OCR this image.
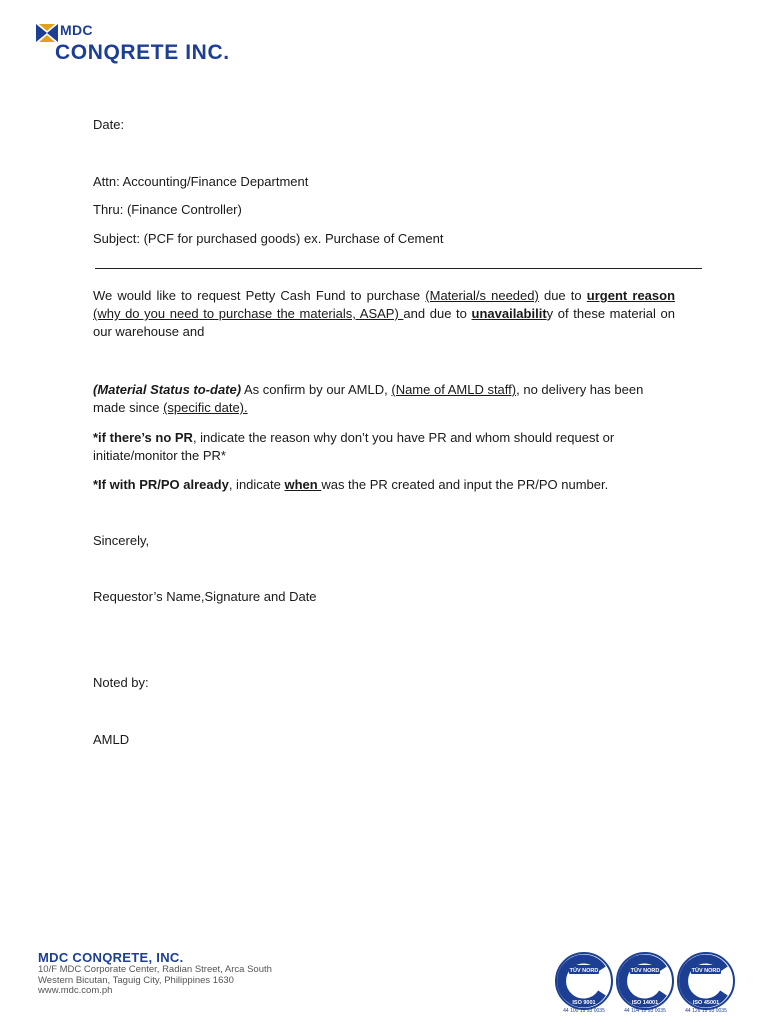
MDC
CONQRETE INC.
Date:
Attn: Accounting/Finance Department
Thru: (Finance Controller)
Subject: (PCF for purchased goods) ex. Purchase of Cement
We would like to request Petty Cash Fund to purchase (Material/s needed) due to urgent reason (why do you need to purchase the materials, ASAP) and due to unavailability of these material on our warehouse and
(Material Status to-date) As confirm by our AMLD, (Name of AMLD staff), no delivery has been made since (specific date).
*if there’s no PR, indicate the reason why don’t you have PR and whom should request or initiate/monitor the PR*
*If with PR/PO already, indicate when was the PR created and input the PR/PO number.
Sincerely,
Requestor’s Name,Signature and Date
Noted by:
AMLD
MDC CONQRETE, INC.
10/F MDC Corporate Center, Radian Street, Arca South
Western Bicutan, Taguig City, Philippines 1630
www.mdc.com.ph
TÜV NORD
ISO 9001
44 100 19 93 0035
TÜV NORD
ISO 14001
44 104 19 93 0035
TÜV NORD
ISO 45001
44 126 19 93 0035
